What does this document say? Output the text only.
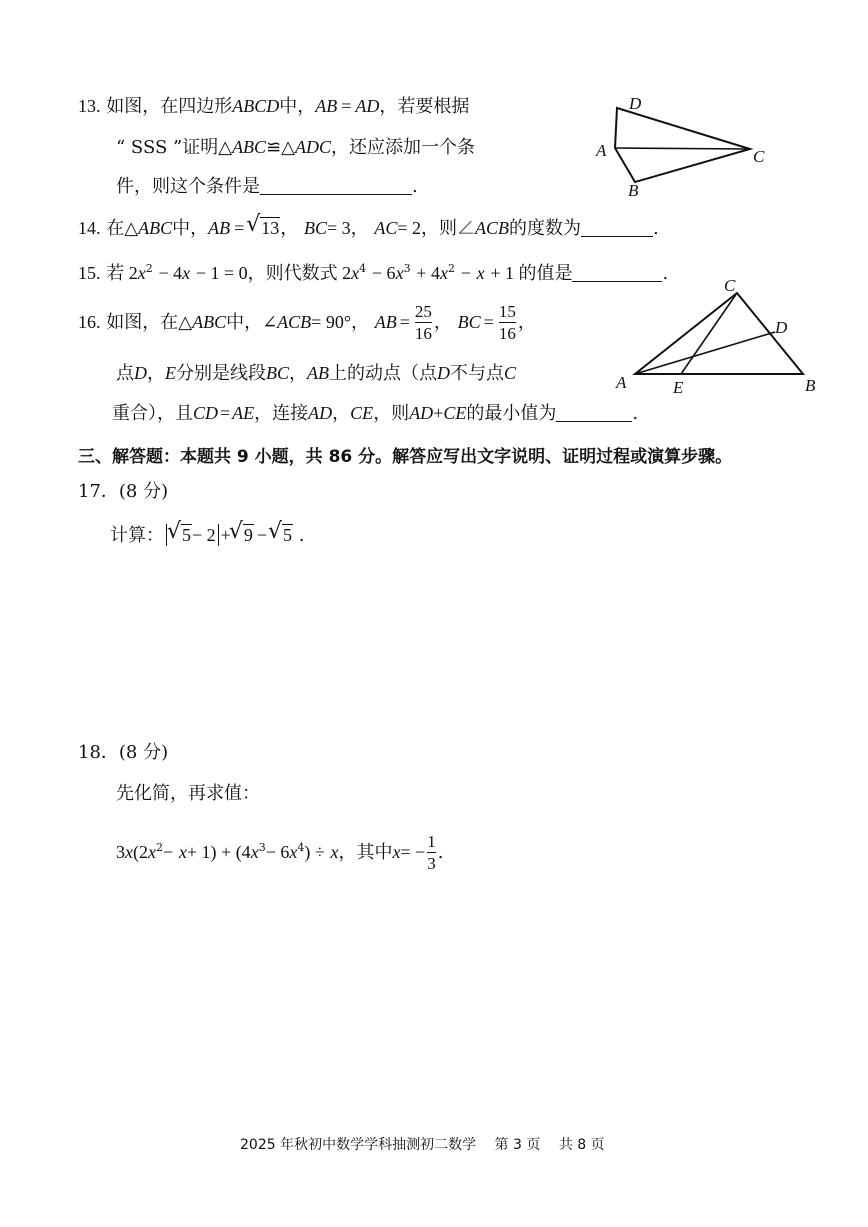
13. 如图，在四边形ABCD中，AB = AD，若要根据
“ SSS ”证明△ABC≌△ADC，还应添加一个条
件，则这个条件是	.
D
A	C
B
14. 在△ABC中，AB = √ 13， BC= 3， AC= 2，则∠ACB的度数为	.
15. 若 $2x^2 - 4x - 1 = 0$，则代数式 $2x^4 - 6x^3 + 4x^2 - x + 1$ 的值是	.
16. 如图，在△ABC中，∠ACB= 90°， AB = $\frac{25}{16}$ ， BC = $\frac{15}{16}$ ，
点D，E分别是线段BC，AB上的动点（点D不与点C
重合），且CD = AE，连接AD，CE，则AD+CE的最小值为	.
C
D
A	E	B
三、解答题：本题共 9 小题，共 86 分。解答应写出文字说明、证明过程或演算步骤。
17．(8 分)
计算： √ 5− 2 + √ 9 − √ 5 .
18．(8 分)
先化简，再求值：
$3x(2x^2- x+ 1) + (4x^3- 6x^4) \div x$，其中$x= - \frac{1}{3}$ .
2025 年秋初中数学学科抽测初二数学 第 3 页 共 8 页
